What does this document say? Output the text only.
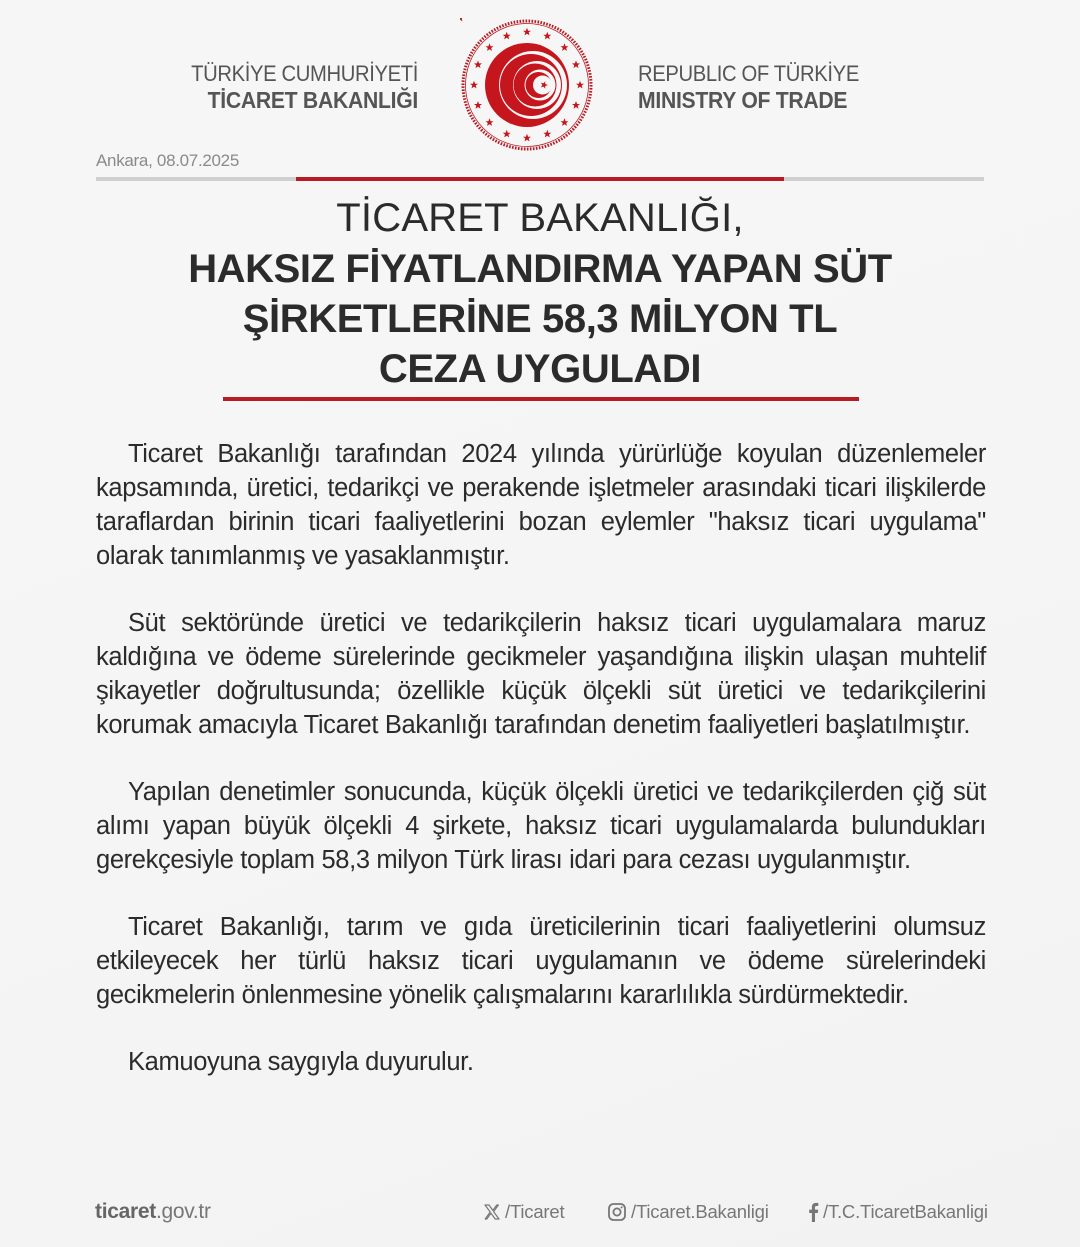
TÜRKİYE CUMHURİYETİ
TİCARET BAKANLIĞI
REPUBLIC OF TÜRKİYE
MINISTRY OF TRADE
Ankara, 08.07.2025
TİCARET BAKANLIĞI,
HAKSIZ FİYATLANDIRMA YAPAN SÜT
ŞİRKETLERİNE 58,3 MİLYON TL
CEZA UYGULADI

Ticaret Bakanlığı tarafından 2024 yılında yürürlüğe koyulan düzenlemeler kapsamında, üretici, tedarikçi ve perakende işletmeler arasındaki ticari ilişkilerde taraflardan birinin ticari faaliyetlerini bozan eylemler "haksız ticari uygulama" olarak tanımlanmış ve yasaklanmıştır.

Süt sektöründe üretici ve tedarikçilerin haksız ticari uygulamalara maruz kaldığına ve ödeme sürelerinde gecikmeler yaşandığına ilişkin ulaşan muhtelif şikayetler doğrultusunda; özellikle küçük ölçekli süt üretici ve tedarikçilerini korumak amacıyla Ticaret Bakanlığı tarafından denetim faaliyetleri başlatılmıştır.

Yapılan denetimler sonucunda, küçük ölçekli üretici ve tedarikçilerden çiğ süt alımı yapan büyük ölçekli 4 şirkete, haksız ticari uygulamalarda bulundukları gerekçesiyle toplam 58,3 milyon Türk lirası idari para cezası uygulanmıştır.

Ticaret Bakanlığı, tarım ve gıda üreticilerinin ticari faaliyetlerini olumsuz etkileyecek her türlü haksız ticari uygulamanın ve ödeme sürelerindeki gecikmelerin önlenmesine yönelik çalışmalarını kararlılıkla sürdürmektedir.

Kamuoyuna saygıyla duyurulur.

ticaret.gov.tr	/Ticaret	/Ticaret.Bakanligi	/T.C.TicaretBakanligi
